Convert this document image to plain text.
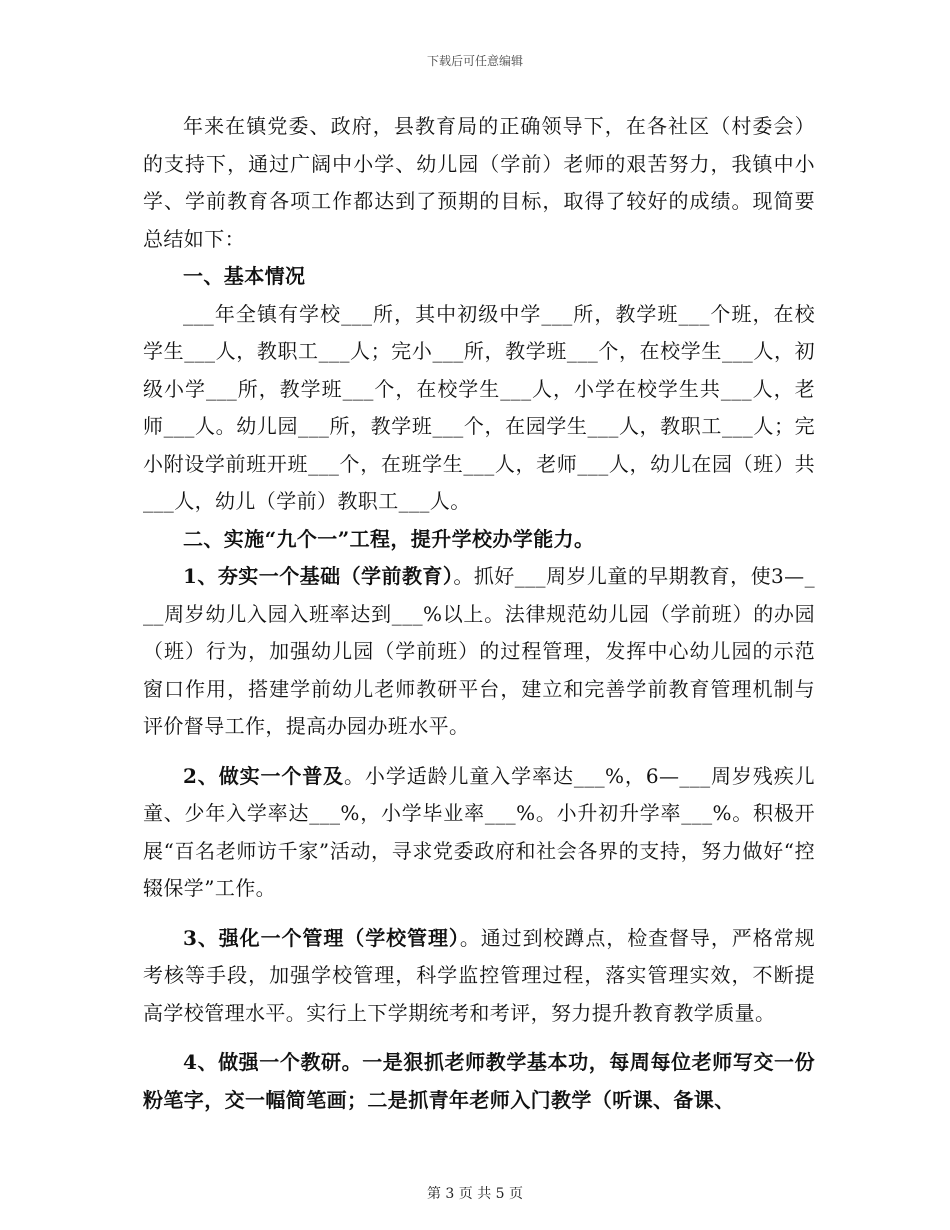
下载后可任意编辑

年来在镇党委、政府，县教育局的正确领导下，在各社区（村委会）的支持下，通过广阔中小学、幼儿园（学前）老师的艰苦努力，我镇中小学、学前教育各项工作都达到了预期的目标，取得了较好的成绩。现简要总结如下：

一、基本情况

___年全镇有学校___所，其中初级中学___所，教学班___个班，在校学生___人，教职工___人；完小___所，教学班___个，在校学生___人，初级小学___所，教学班___个，在校学生___人，小学在校学生共___人，老师___人。幼儿园___所，教学班___个，在园学生___人，教职工___人；完小附设学前班开班___个，在班学生___人，老师___人，幼儿在园（班）共___人，幼儿（学前）教职工___人。

二、实施“九个一”工程，提升学校办学能力。

1、夯实一个基础（学前教育）。抓好___周岁儿童的早期教育，使3—___周岁幼儿入园入班率达到___%以上。法律规范幼儿园（学前班）的办园（班）行为，加强幼儿园（学前班）的过程管理，发挥中心幼儿园的示范窗口作用，搭建学前幼儿老师教研平台，建立和完善学前教育管理机制与评价督导工作，提高办园办班水平。

2、做实一个普及。小学适龄儿童入学率达___%，6—___周岁残疾儿童、少年入学率达___%，小学毕业率___%。小升初升学率___%。积极开展“百名老师访千家”活动，寻求党委政府和社会各界的支持，努力做好“控辍保学”工作。

3、强化一个管理（学校管理）。通过到校蹲点，检查督导，严格常规考核等手段，加强学校管理，科学监控管理过程，落实管理实效，不断提高学校管理水平。实行上下学期统考和考评，努力提升教育教学质量。

4、做强一个教研。一是狠抓老师教学基本功，每周每位老师写交一份粉笔字，交一幅简笔画；二是抓青年老师入门教学（听课、备课、

第 3 页 共 5 页
